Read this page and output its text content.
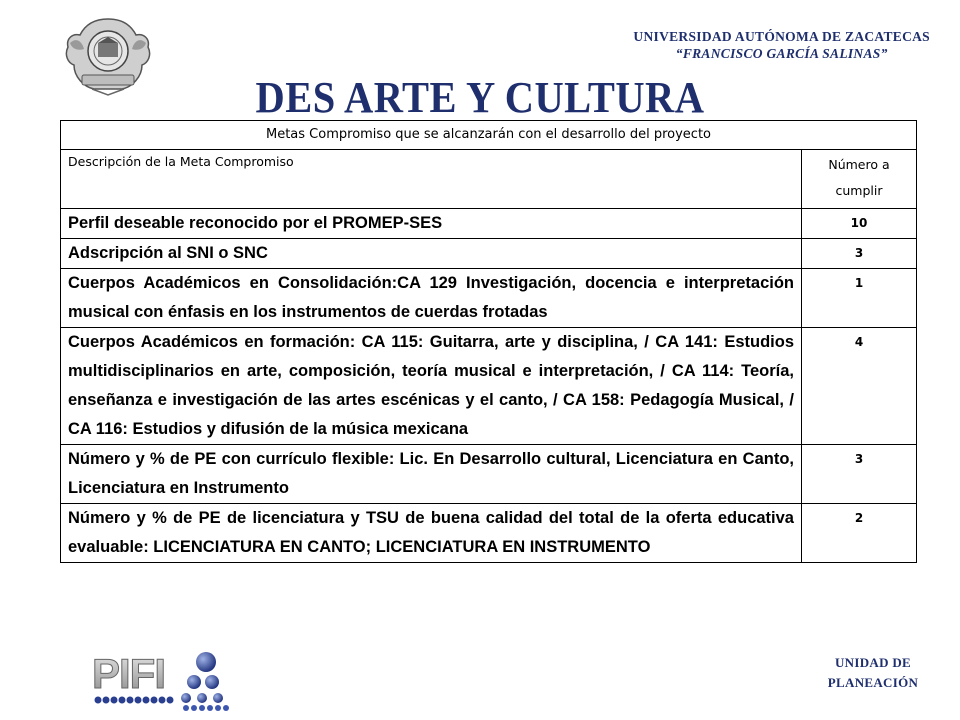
UNIVERSIDAD AUTÓNOMA DE ZACATECAS
“FRANCISCO GARCÍA SALINAS”
DES ARTE Y CULTURA
Metas Compromiso que se alcanzarán con el desarrollo del proyecto	
Descripción de la Meta Compromiso	Número a cumplir
Perfil deseable reconocido por el PROMEP-SES	10
Adscripción al SNI o SNC	3
Cuerpos Académicos en Consolidación:CA 129 Investigación, docencia e interpretación musical con énfasis en los instrumentos de cuerdas frotadas	1
Cuerpos Académicos en formación: CA 115: Guitarra, arte y disciplina, / CA 141: Estudios multidisciplinarios en arte, composición, teoría musical e interpretación, / CA 114: Teoría, enseñanza e investigación de las artes escénicas y el canto, / CA 158: Pedagogía Musical, / CA 116: Estudios y difusión de la música mexicana	4
Número y % de PE con currículo flexible: Lic. En Desarrollo cultural, Licenciatura en Canto, Licenciatura en Instrumento	3
Número y % de PE de licenciatura y TSU de buena calidad del total de la oferta educativa evaluable: LICENCIATURA EN CANTO; LICENCIATURA EN INSTRUMENTO	2
PIFI	UNIDAD DE
PLANEACIÓN
